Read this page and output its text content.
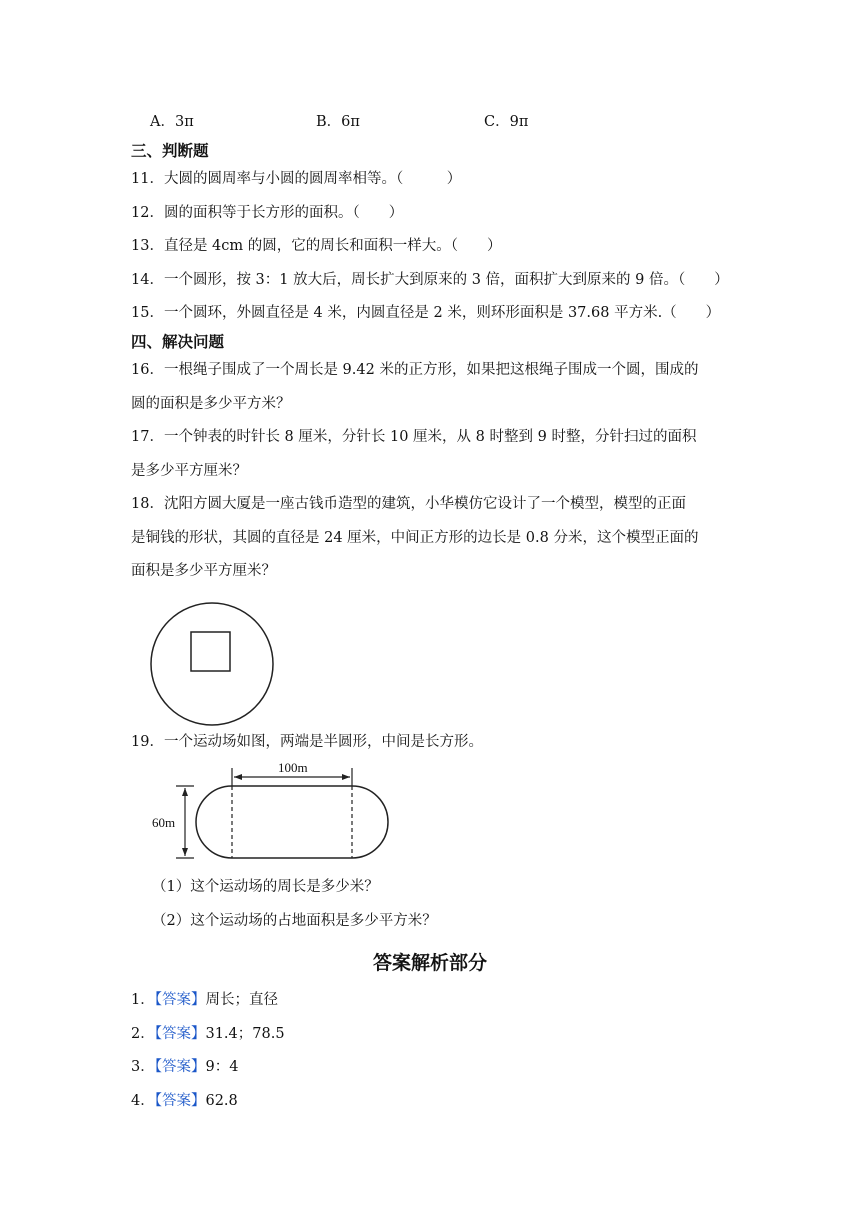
A．3π	B．6π	C．9π
三、判断题
11．大圆的圆周率与小圆的圆周率相等。（　　　）
12．圆的面积等于长方形的面积。（　　）
13．直径是 4cm 的圆，它的周长和面积一样大。（　　）
14．一个圆形，按 3：1 放大后，周长扩大到原来的 3 倍，面积扩大到原来的 9 倍。（　　）
15．一个圆环，外圆直径是 4 米，内圆直径是 2 米，则环形面积是 37.68 平方米.（　　）
四、解决问题
16．一根绳子围成了一个周长是 9.42 米的正方形，如果把这根绳子围成一个圆，围成的
圆的面积是多少平方米？
17．一个钟表的时针长 8 厘米，分针长 10 厘米，从 8 时整到 9 时整，分针扫过的面积
是多少平方厘米？
18．沈阳方圆大厦是一座古钱币造型的建筑，小华模仿它设计了一个模型，模型的正面
是铜钱的形状，其圆的直径是 24 厘米，中间正方形的边长是 0.8 分米，这个模型正面的
面积是多少平方厘米？
19．一个运动场如图，两端是半圆形，中间是长方形。
100m
60m
（1）这个运动场的周长是多少米？
（2）这个运动场的占地面积是多少平方米？
答案解析部分
1．【答案】周长；直径
2．【答案】31.4；78.5
3．【答案】9：4
4．【答案】62.8
